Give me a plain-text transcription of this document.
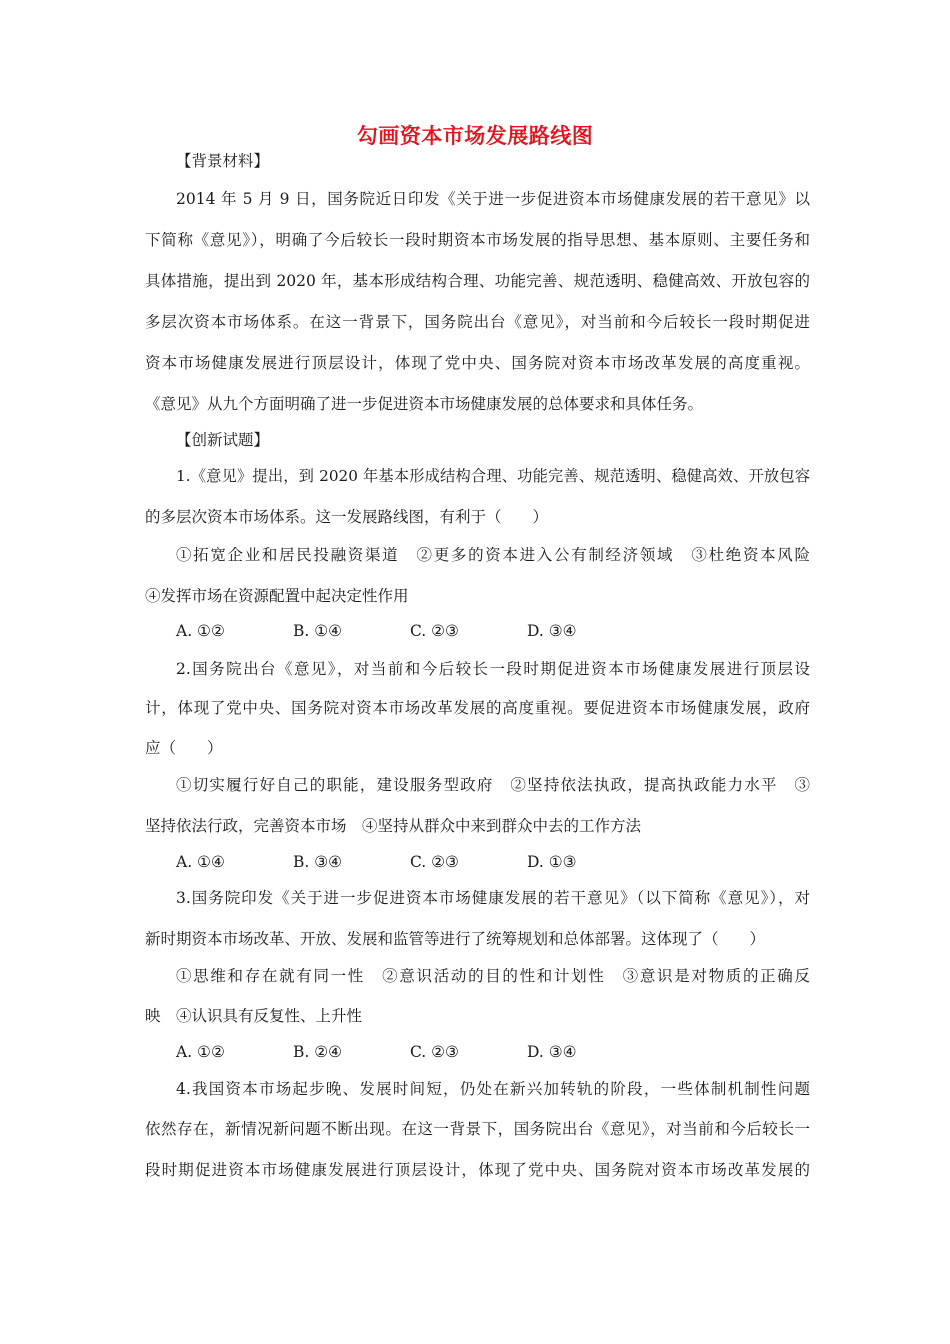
勾画资本市场发展路线图
【背景材料】
2014 年 5 月 9 日，国务院近日印发《关于进一步促进资本市场健康发展的若干意见》以
下简称《意见》），明确了今后较长一段时期资本市场发展的指导思想、基本原则、主要任务和
具体措施，提出到 2020 年，基本形成结构合理、功能完善、规范透明、稳健高效、开放包容的
多层次资本市场体系。在这一背景下，国务院出台《意见》，对当前和今后较长一段时期促进
资本市场健康发展进行顶层设计，体现了党中央、国务院对资本市场改革发展的高度重视。
《意见》从九个方面明确了进一步促进资本市场健康发展的总体要求和具体任务。
【创新试题】
1.《意见》提出，到 2020 年基本形成结构合理、功能完善、规范透明、稳健高效、开放包容
的多层次资本市场体系。这一发展路线图，有利于（　　）
①拓宽企业和居民投融资渠道　②更多的资本进入公有制经济领域　③杜绝资本风险
④发挥市场在资源配置中起决定性作用
A. ①②	B. ①④	C. ②③	D. ③④
2.国务院出台《意见》，对当前和今后较长一段时期促进资本市场健康发展进行顶层设
计，体现了党中央、国务院对资本市场改革发展的高度重视。要促进资本市场健康发展，政府
应（　　）
①切实履行好自己的职能，建设服务型政府　②坚持依法执政，提高执政能力水平　③
坚持依法行政，完善资本市场　④坚持从群众中来到群众中去的工作方法
A. ①④	B. ③④	C. ②③	D. ①③
3.国务院印发《关于进一步促进资本市场健康发展的若干意见》（以下简称《意见》），对
新时期资本市场改革、开放、发展和监管等进行了统筹规划和总体部署。这体现了（　　）
①思维和存在就有同一性　②意识活动的目的性和计划性　③意识是对物质的正确反
映　④认识具有反复性、上升性
A. ①②	B. ②④	C. ②③	D. ③④
4.我国资本市场起步晚、发展时间短，仍处在新兴加转轨的阶段，一些体制机制性问题
依然存在，新情况新问题不断出现。在这一背景下，国务院出台《意见》，对当前和今后较长一
段时期促进资本市场健康发展进行顶层设计，体现了党中央、国务院对资本市场改革发展的
